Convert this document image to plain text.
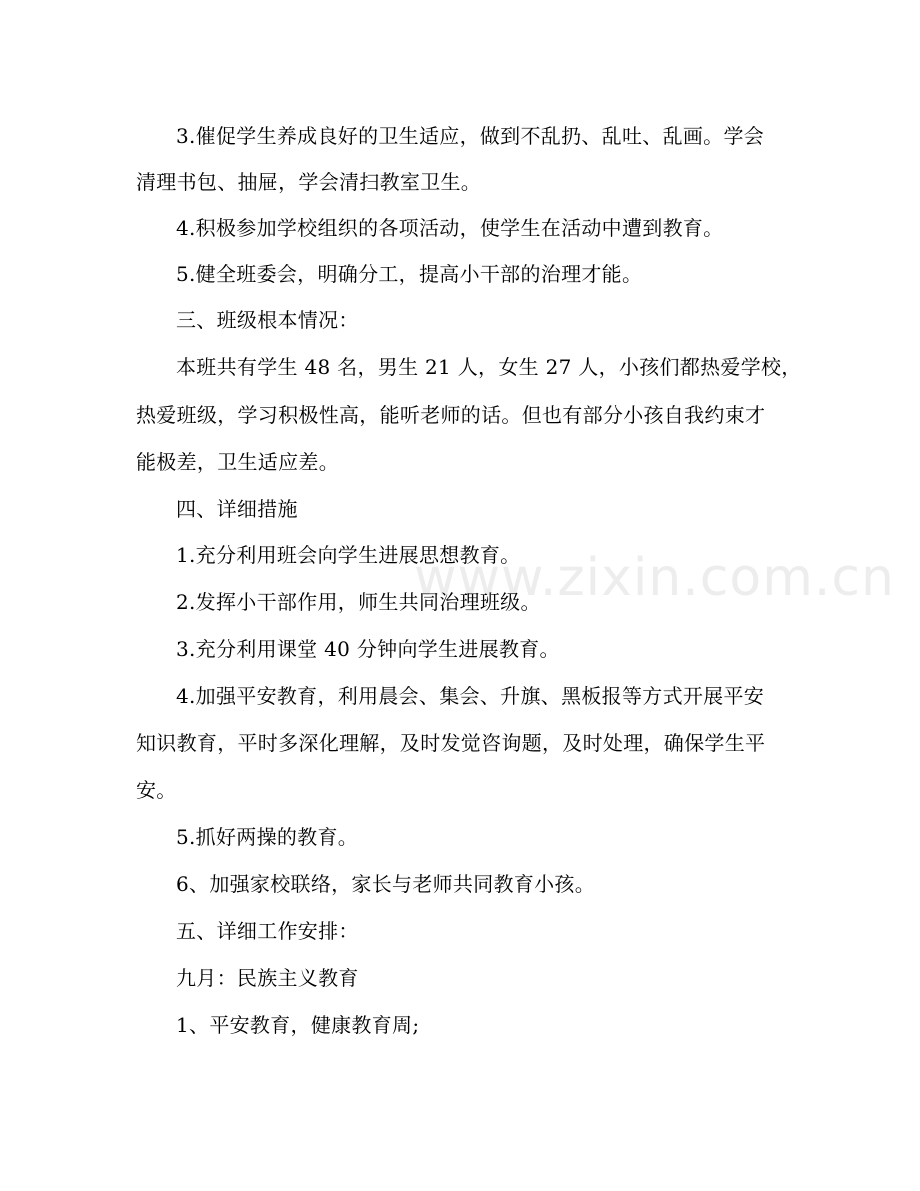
www.zixin.com.cn
3.催促学生养成良好的卫生适应，做到不乱扔、乱吐、乱画。学会
清理书包、抽屉，学会清扫教室卫生。
4.积极参加学校组织的各项活动，使学生在活动中遭到教育。
5.健全班委会，明确分工，提高小干部的治理才能。
三、班级根本情况：
本班共有学生 48 名，男生 21 人，女生 27 人，小孩们都热爱学校，
热爱班级，学习积极性高，能听老师的话。但也有部分小孩自我约束才
能极差，卫生适应差。
四、详细措施
1.充分利用班会向学生进展思想教育。
2.发挥小干部作用，师生共同治理班级。
3.充分利用课堂 40 分钟向学生进展教育。
4.加强平安教育，利用晨会、集会、升旗、黑板报等方式开展平安
知识教育，平时多深化理解，及时发觉咨询题，及时处理，确保学生平
安。
5.抓好两操的教育。
6、加强家校联络，家长与老师共同教育小孩。
五、详细工作安排：
九月：民族主义教育
1、平安教育，健康教育周;
